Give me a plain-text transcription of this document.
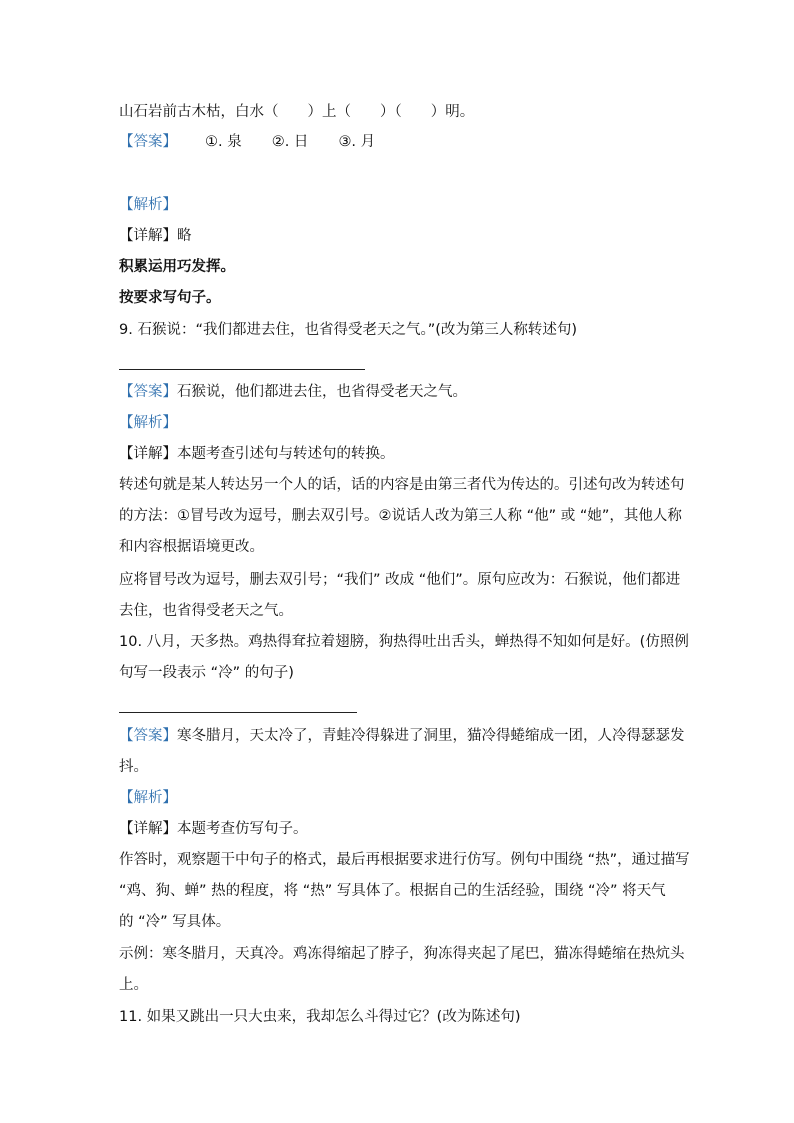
山石岩前古木枯，白水（　　）上（　　）（　　）明。
【答案】 ①. 泉 ②. 日 ③. 月
【解析】
【详解】略
积累运用巧发挥。
按要求写句子。
9. 石猴说：“我们都进去住，也省得受老天之气。”(改为第三人称转述句)
【答案】石猴说，他们都进去住，也省得受老天之气。
【解析】
【详解】本题考查引述句与转述句的转换。
转述句就是某人转达另一个人的话，话的内容是由第三者代为传达的。引述句改为转述句
的方法：①冒号改为逗号，删去双引号。②说话人改为第三人称 “他” 或 “她”，其他人称
和内容根据语境更改。
应将冒号改为逗号，删去双引号；“我们” 改成 “他们”。原句应改为：石猴说，他们都进
去住，也省得受老天之气。
10. 八月，天多热。鸡热得耷拉着翅膀，狗热得吐出舌头，蝉热得不知如何是好。(仿照例
句写一段表示 “冷” 的句子)
【答案】寒冬腊月，天太冷了，青蛙冷得躲进了洞里，猫冷得蜷缩成一团，人冷得瑟瑟发
抖。
【解析】
【详解】本题考查仿写句子。
作答时，观察题干中句子的格式，最后再根据要求进行仿写。例句中围绕 “热”，通过描写
“鸡、狗、蝉” 热的程度，将 “热” 写具体了。根据自己的生活经验，围绕 “冷” 将天气
的 “冷” 写具体。
示例：寒冬腊月，天真冷。鸡冻得缩起了脖子，狗冻得夹起了尾巴，猫冻得蜷缩在热炕头
上。
11. 如果又跳出一只大虫来，我却怎么斗得过它？(改为陈述句)
